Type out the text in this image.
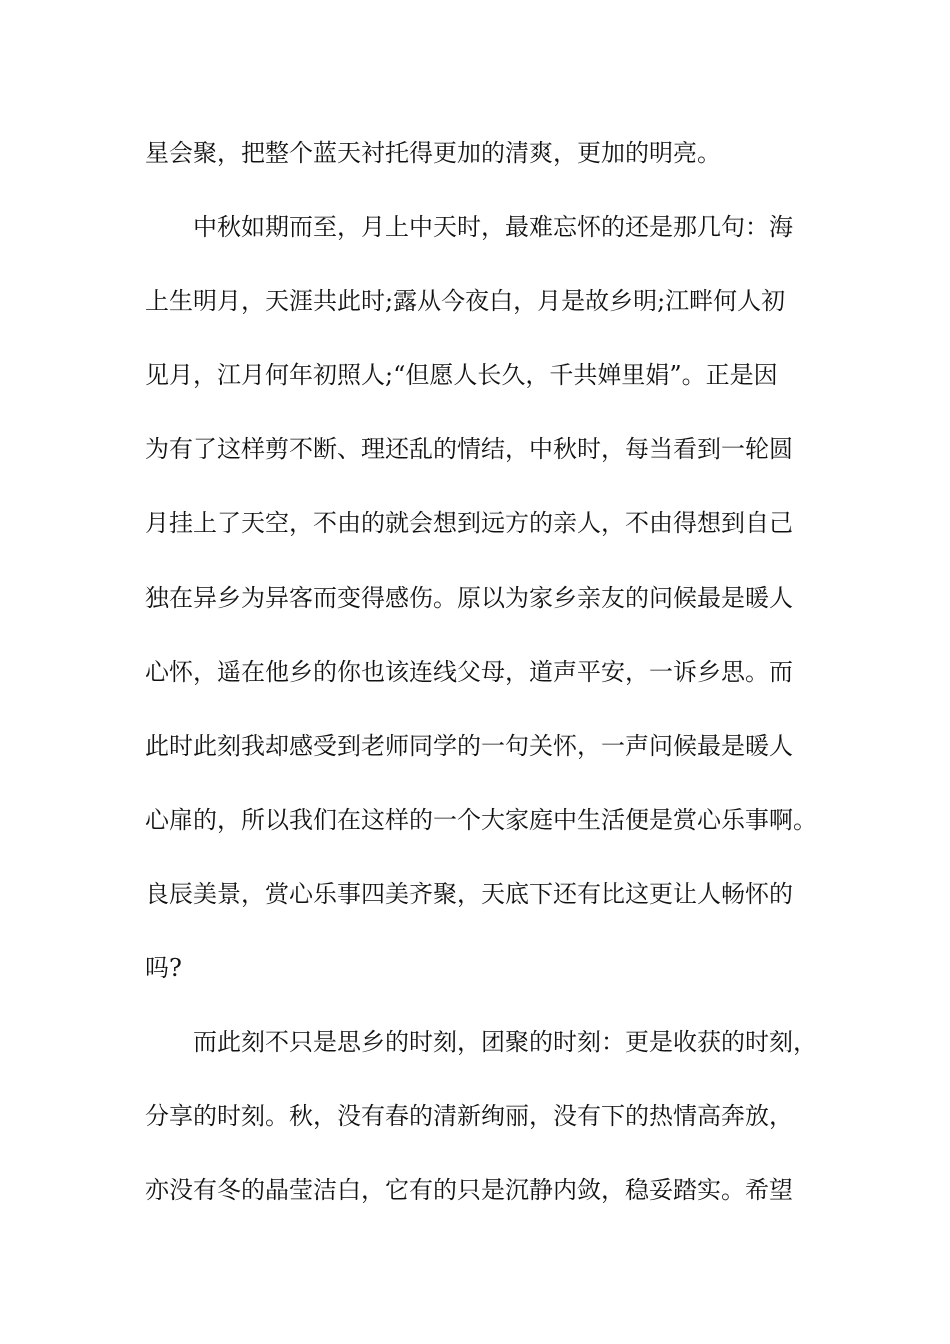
星会聚，把整个蓝天衬托得更加的清爽，更加的明亮。
中秋如期而至，月上中天时，最难忘怀的还是那几句：海
上生明月，天涯共此时;露从今夜白，月是故乡明;江畔何人初
见月，江月何年初照人;“但愿人长久，千共婵里娟”。正是因
为有了这样剪不断、理还乱的情结，中秋时，每当看到一轮圆
月挂上了天空，不由的就会想到远方的亲人，不由得想到自己
独在异乡为异客而变得感伤。原以为家乡亲友的问候最是暖人
心怀，遥在他乡的你也该连线父母，道声平安，一诉乡思。而
此时此刻我却感受到老师同学的一句关怀，一声问候最是暖人
心扉的，所以我们在这样的一个大家庭中生活便是赏心乐事啊。
良辰美景，赏心乐事四美齐聚，天底下还有比这更让人畅怀的
吗?
而此刻不只是思乡的时刻，团聚的时刻：更是收获的时刻，
分享的时刻。秋，没有春的清新绚丽，没有下的热情高奔放，
亦没有冬的晶莹洁白，它有的只是沉静内敛，稳妥踏实。希望
